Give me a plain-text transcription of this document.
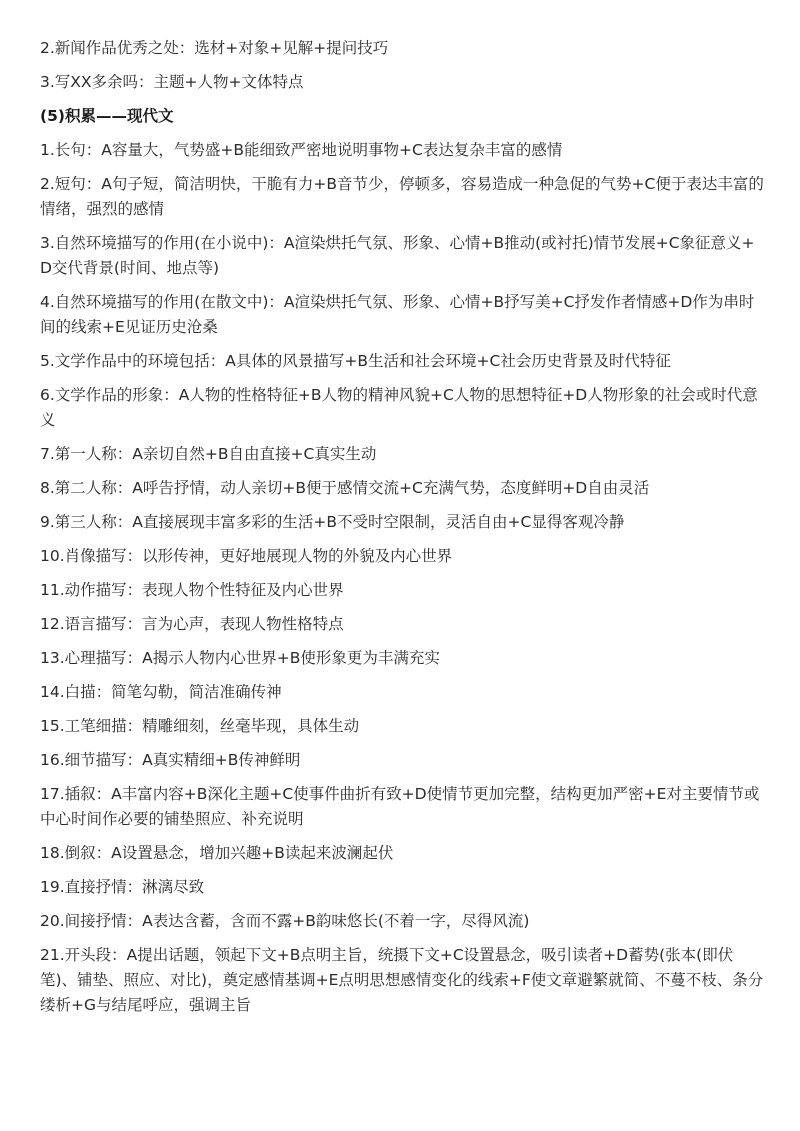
2.新闻作品优秀之处：选材+对象+见解+提问技巧

3.写XX多余吗：主题+人物+文体特点

(5)积累——现代文

1.长句：A容量大，气势盛+B能细致严密地说明事物+C表达复杂丰富的感情

2.短句：A句子短，简洁明快，干脆有力+B音节少，停顿多，容易造成一种急促的气势+C便于表达丰富的情绪，强烈的感情

3.自然环境描写的作用(在小说中)：A渲染烘托气氛、形象、心情+B推动(或衬托)情节发展+C象征意义+D交代背景(时间、地点等)

4.自然环境描写的作用(在散文中)：A渲染烘托气氛、形象、心情+B抒写美+C抒发作者情感+D作为串时间的线索+E见证历史沧桑

5.文学作品中的环境包括：A具体的风景描写+B生活和社会环境+C社会历史背景及时代特征

6.文学作品的形象：A人物的性格特征+B人物的精神风貌+C人物的思想特征+D人物形象的社会或时代意义

7.第一人称：A亲切自然+B自由直接+C真实生动

8.第二人称：A呼告抒情，动人亲切+B便于感情交流+C充满气势，态度鲜明+D自由灵活

9.第三人称：A直接展现丰富多彩的生活+B不受时空限制，灵活自由+C显得客观冷静

10.肖像描写：以形传神，更好地展现人物的外貌及内心世界

11.动作描写：表现人物个性特征及内心世界

12.语言描写：言为心声，表现人物性格特点

13.心理描写：A揭示人物内心世界+B使形象更为丰满充实

14.白描：简笔勾勒，简洁准确传神

15.工笔细描：精雕细刻，丝毫毕现，具体生动

16.细节描写：A真实精细+B传神鲜明

17.插叙：A丰富内容+B深化主题+C使事件曲折有致+D使情节更加完整，结构更加严密+E对主要情节或中心时间作必要的铺垫照应、补充说明

18.倒叙：A设置悬念，增加兴趣+B读起来波澜起伏

19.直接抒情：淋漓尽致

20.间接抒情：A表达含蓄，含而不露+B韵味悠长(不着一字，尽得风流)

21.开头段：A提出话题，领起下文+B点明主旨，统摄下文+C设置悬念，吸引读者+D蓄势(张本(即伏笔)、铺垫、照应、对比)，奠定感情基调+E点明思想感情变化的线索+F使文章避繁就简、不蔓不枝、条分缕析+G与结尾呼应，强调主旨
